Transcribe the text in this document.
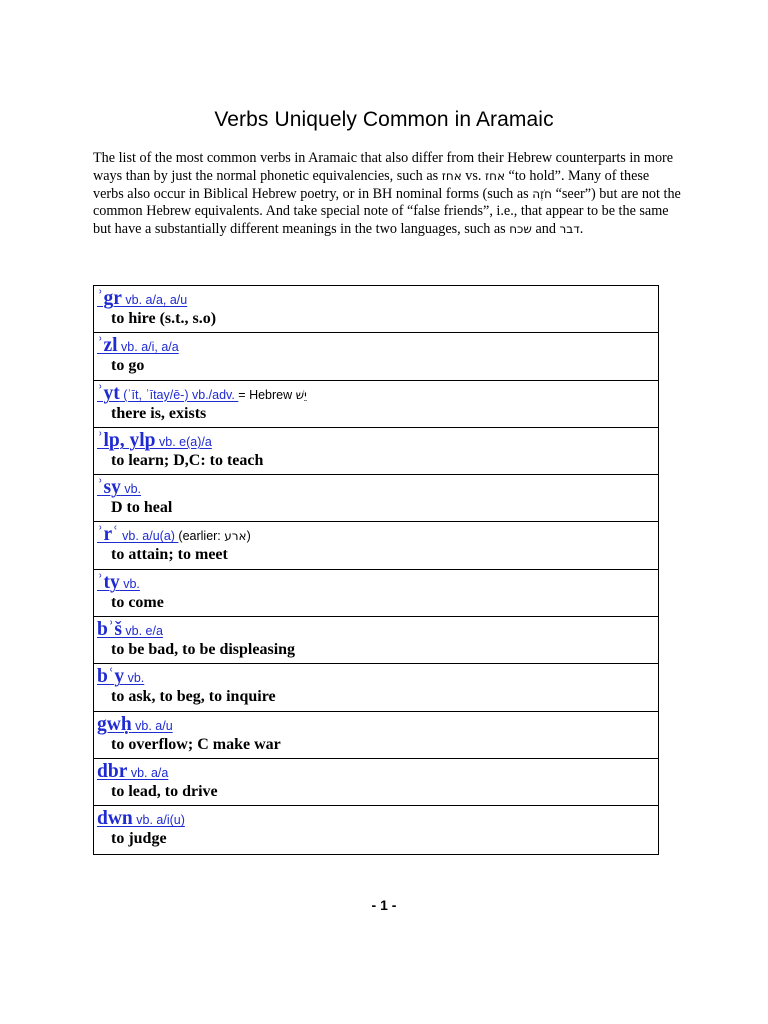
Verbs Uniquely Common in Aramaic
The list of the most common verbs in Aramaic that also differ from their Hebrew counterparts in more ways than by just the normal phonetic equivalencies, such as אחז vs. אחז “to hold”. Many of these verbs also occur in Biblical Hebrew poetry, or in BH nominal forms (such as חֹזֶה “seer”) but are not the common Hebrew equivalents. And take special note of “false friends”, i.e., that appear to be the same but have a substantially different meanings in the two languages, such as שכח and דבר.
ʾgr vb. a/a, a/u
to hire (s.t., s.o)
ʾzl vb. a/i, a/a
to go
ʾyt (ʾīt, ʾītay/ē-) vb./adv. = Hebrew יֵשׁ
there is, exists
ʾlp, ylp vb. e(a)/a
to learn; D,C: to teach
ʾsy vb.
D to heal
ʾrʿ vb. a/u(a) (earlier: ארע)
to attain; to meet
ʾty vb.
to come
bʾš vb. e/a
to be bad, to be displeasing
bʿy vb.
to ask, to beg, to inquire
gwḥ vb. a/u
to overflow; C make war
dbr vb. a/a
to lead, to drive
dwn vb. a/i(u)
to judge
- 1 -
